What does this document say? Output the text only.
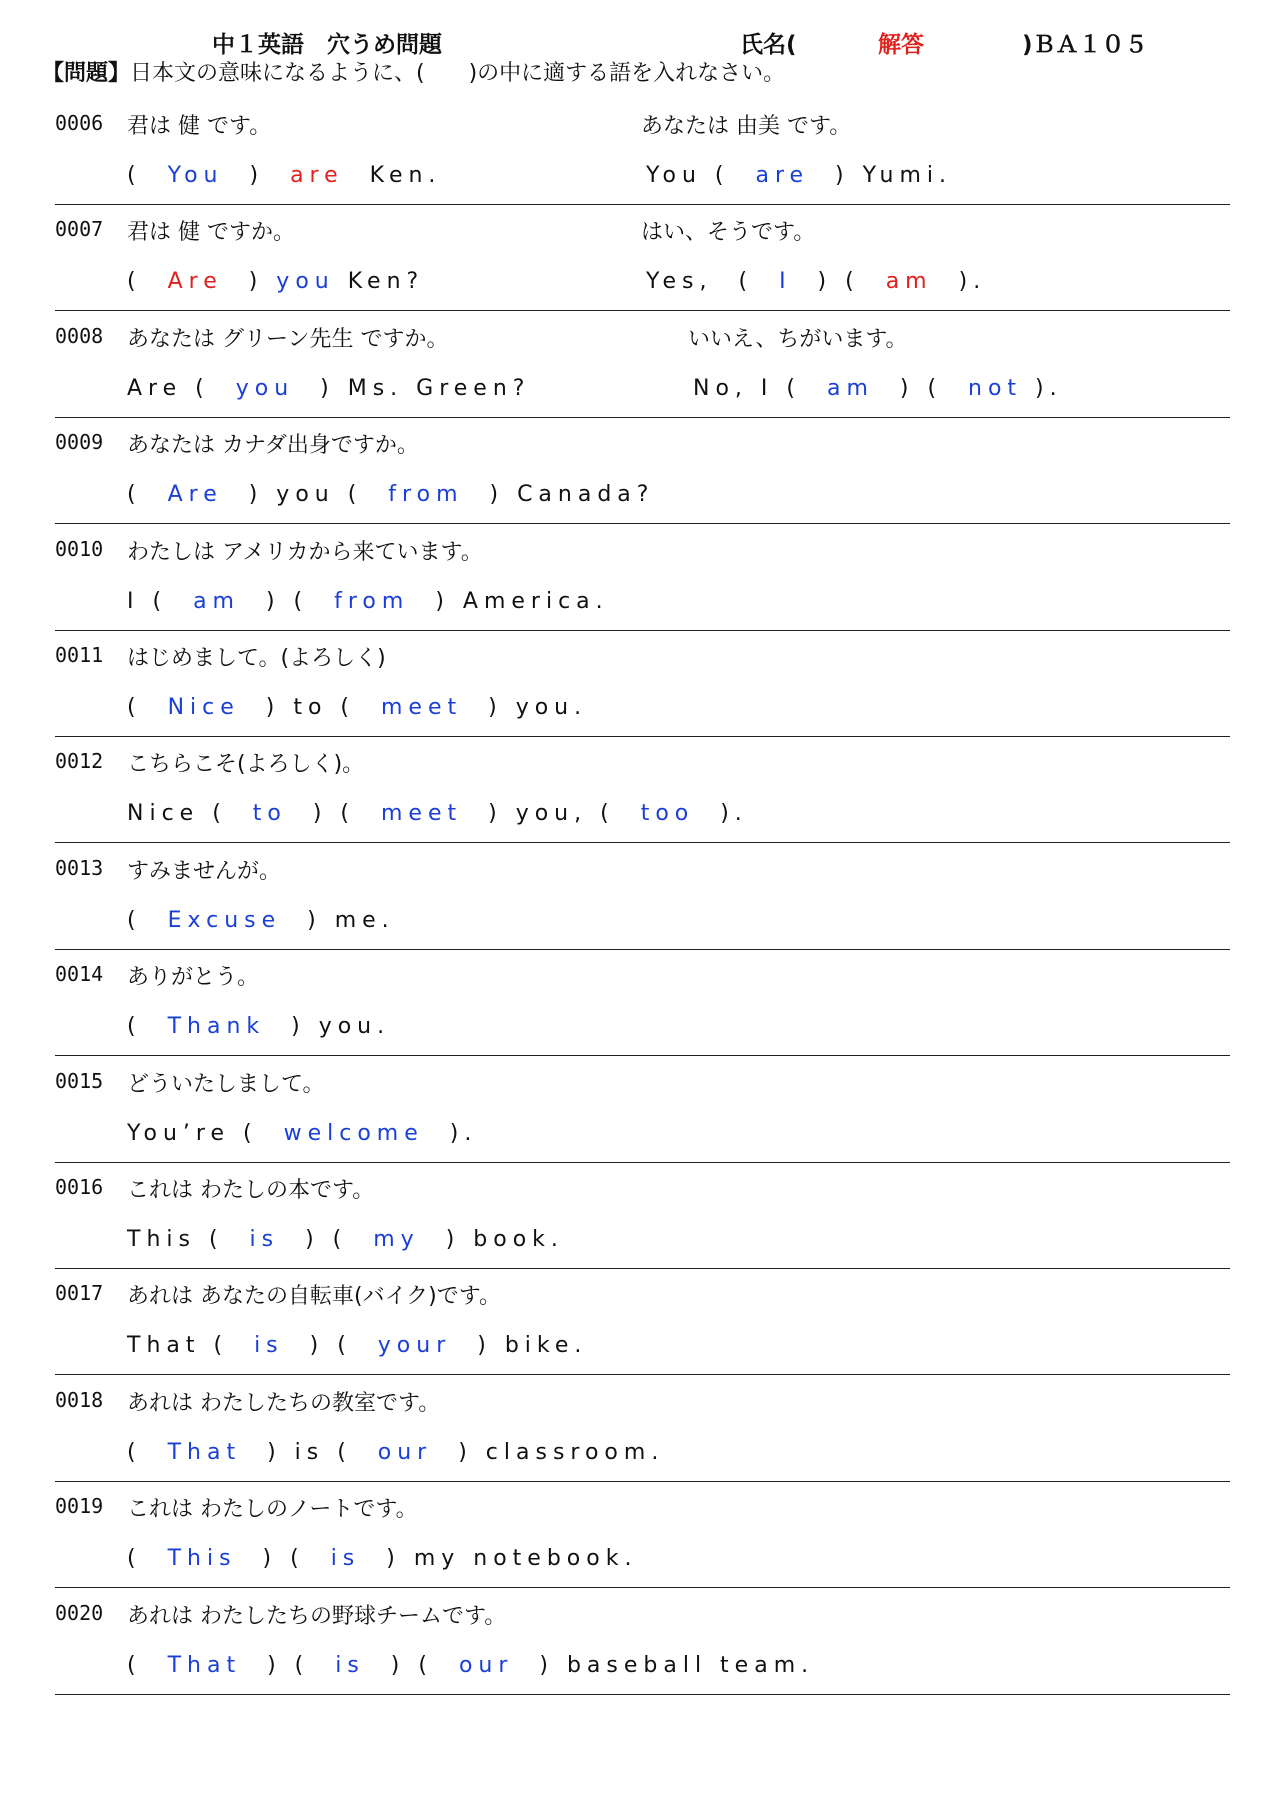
中１英語　穴うめ問題	氏名(	解答	)ＢＡ１０５
【問題】日本文の意味になるように、(　　)の中に適する語を入れなさい。
0006 君は 健 です。	あなたは 由美 です。
(  You  )  are  Ken.	You (  are  ) Yumi.
0007 君は 健 ですか。	はい、そうです。
(  Are  ) you Ken?	Yes,  (  I  ) (  am  ).
0008 あなたは グリーン先生 ですか。	いいえ、ちがいます。
Are (  you  ) Ms. Green?	No, I (  am  ) (  not ).
0009 あなたは カナダ出身ですか。
(  Are  ) you (  from  ) Canada?
0010 わたしは アメリカから来ています。
I (  am  ) (  from  ) America.
0011 はじめまして。(よろしく)
(  Nice  ) to (  meet  ) you.
0012 こちらこそ(よろしく)。
Nice (  to  ) (  meet  ) you, (  too  ).
0013 すみませんが。
(  Excuse  ) me.
0014 ありがとう。
(  Thank  ) you.
0015 どういたしまして。
You’re (  welcome  ).
0016 これは わたしの本です。
This (  is  ) (  my  ) book.
0017 あれは あなたの自転車(バイク)です。
That (  is  ) (  your  ) bike.
0018 あれは わたしたちの教室です。
(  That  ) is (  our  ) classroom.
0019 これは わたしのノートです。
(  This  ) (  is  ) my notebook.
0020 あれは わたしたちの野球チームです。
(  That  ) (  is  ) (  our  ) baseball team.
